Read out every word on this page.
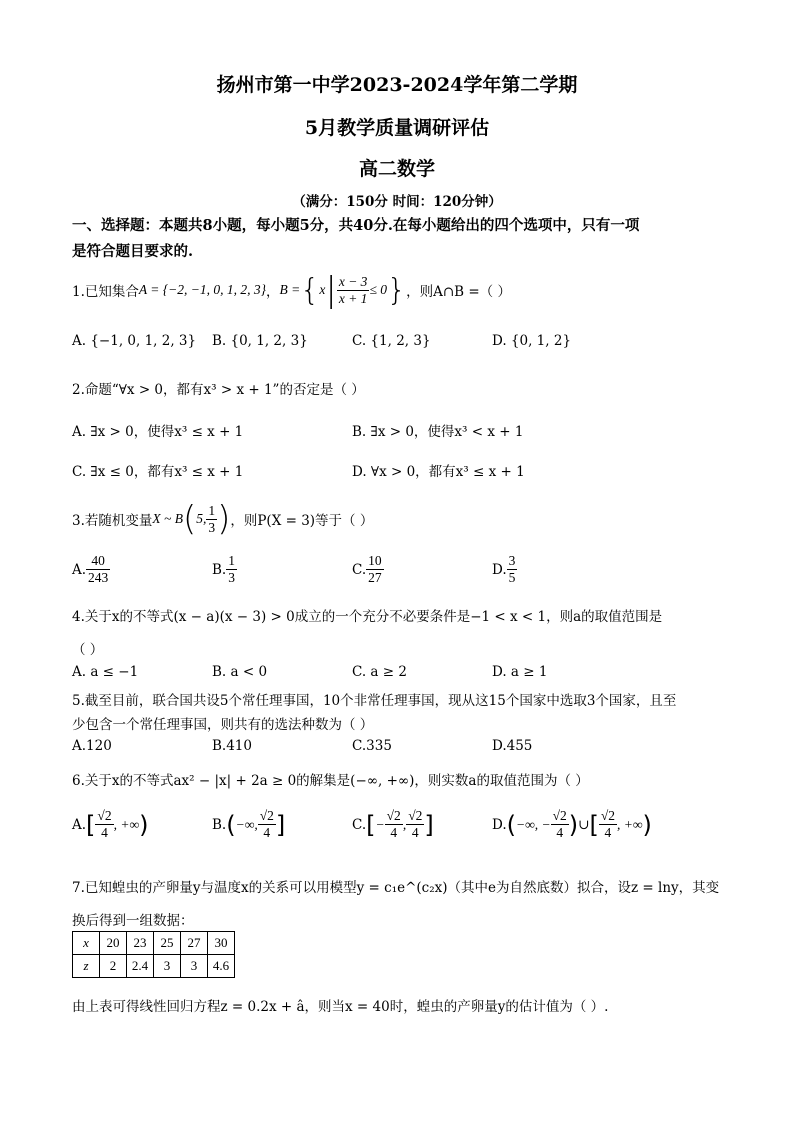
扬州市第一中学2023-2024学年第二学期
5月教学质量调研评估
高二数学
（满分：150分 时间：120分钟）
一、选择题：本题共8小题，每小题5分，共40分.在每小题给出的四个选项中，只有一项
是符合题目要求的.
1.已知集合 A = {−2, −1, 0, 1, 2, 3} ， B = { x | $\frac{x - 3}{x + 1} \le 0$ } ，则A∩B =（ ）
A. {−1, 0, 1, 2, 3} B. {0, 1, 2, 3}	C. {1, 2, 3}	D. {0, 1, 2}
2.命题“∀x > 0，都有x³ > x + 1”的否定是（ ）
A. ∃x > 0，使得x³ ≤ x + 1	B. ∃x > 0，使得x³ < x + 1
C. ∃x ≤ 0，都有x³ ≤ x + 1	D. ∀x > 0，都有x³ ≤ x + 1
3.若随机变量 X ~ B ( 5, $\frac{1}{3}$ ) ，则P(X = 3)等于（ ）
A. $\frac{40}{243}$	B. $\frac{1}{3}$	C. $\frac{10}{27}$	D. $\frac{3}{5}$
4.关于x的不等式(x − a)(x − 3) > 0成立的一个充分不必要条件是−1 < x < 1，则a的取值范围是
（ ）
A. a ≤ −1	B. a < 0	C. a ≥ 2	D. a ≥ 1
5.截至目前，联合国共设5个常任理事国，10个非常任理事国，现从这15个国家中选取3个国家，且至
少包含一个常任理事国，则共有的选法种数为（ ）
A.120	B.410	C.335	D.455
6.关于x的不等式ax² − |x| + 2a ≥ 0的解集是(−∞, +∞)，则实数a的取值范围为（ ）
A. [ $\frac{√2}{4}$ , +∞ )	B. ( −∞, $\frac{√2}{4}$ ]	C. [ − $\frac{√2}{4}$ , $\frac{√2}{4}$ ]	D. ( −∞, − $\frac{√2}{4}$ ) ∪ [ $\frac{√2}{4}$ , +∞ )
7.已知蝗虫的产卵量y与温度x的关系可以用模型y = c₁e^(c₂x)（其中e为自然底数）拟合，设z = lny，其变
换后得到一组数据：
x	20	23	25	27	30
z	2	2.4	3	3	4.6
由上表可得线性回归方程z = 0.2x + â，则当x = 40时，蝗虫的产卵量y的估计值为（ ）.
